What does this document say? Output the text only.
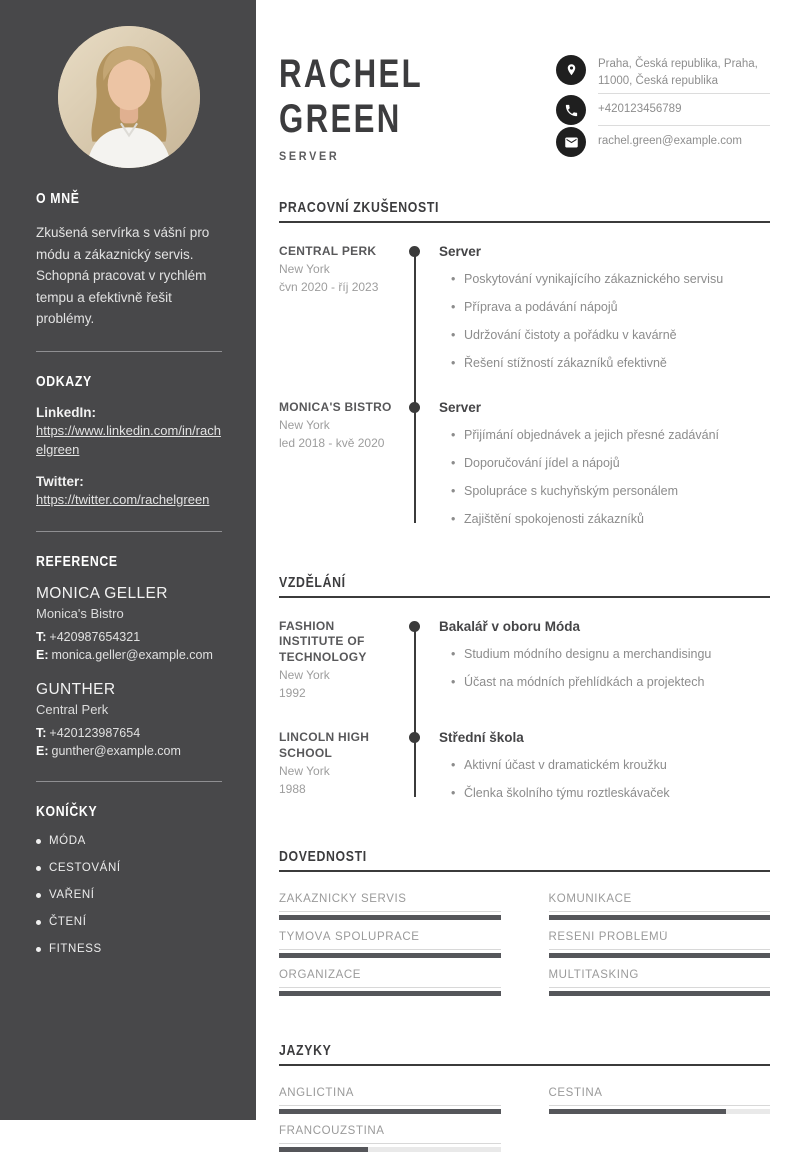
O MNĚ

Zkušená servírka s vášní pro módu a zákaznický servis. Schopná pracovat v rychlém tempu a efektivně řešit problémy.

ODKAZY
LinkedIn:
https://www.linkedin.com/in/rachelgreen
Twitter:
https://twitter.com/rachelgreen
REFERENCE
MONICA GELLER
Monica's Bistro
T: +420987654321
E: monica.geller@example.com
GUNTHER
Central Perk
T: +420123987654
E: gunther@example.com
KONÍČKY
MÓDA
CESTOVÁNÍ
VAŘENÍ
ČTENÍ
FITNESS
RACHEL
GREEN
SERVER
Praha, Česká republika, Praha, 11000, Česká republika
+420123456789
rachel.green@example.com
PRACOVNÍ ZKUŠENOSTI
CENTRAL PERK
New York
čvn 2020 - říj 2023
Server
• Poskytování vynikajícího zákaznického servisu
• Příprava a podávání nápojů
• Udržování čistoty a pořádku v kavárně
• Řešení stížností zákazníků efektivně
MONICA'S BISTRO
New York
led 2018 - kvě 2020
Server
• Přijímání objednávek a jejich přesné zadávání
• Doporučování jídel a nápojů
• Spolupráce s kuchyňským personálem
• Zajištění spokojenosti zákazníků
VZDĚLÁNÍ
FASHION INSTITUTE OF TECHNOLOGY
New York
1992
Bakalář v oboru Móda
• Studium módního designu a merchandisingu
• Účast na módních přehlídkách a projektech
LINCOLN HIGH SCHOOL
New York
1988
Střední škola
• Aktivní účast v dramatickém kroužku
• Členka školního týmu roztleskávaček
DOVEDNOSTI
ZÁKAZNICKÝ SERVIS	KOMUNIKACE
TÝMOVÁ SPOLUPRÁCE	ŘEŠENÍ PROBLÉMŮ
ORGANIZACE	MULTITASKING
JAZYKY
ANGLIČTINA	ČEŠTINA
FRANCOUZŠTINA
